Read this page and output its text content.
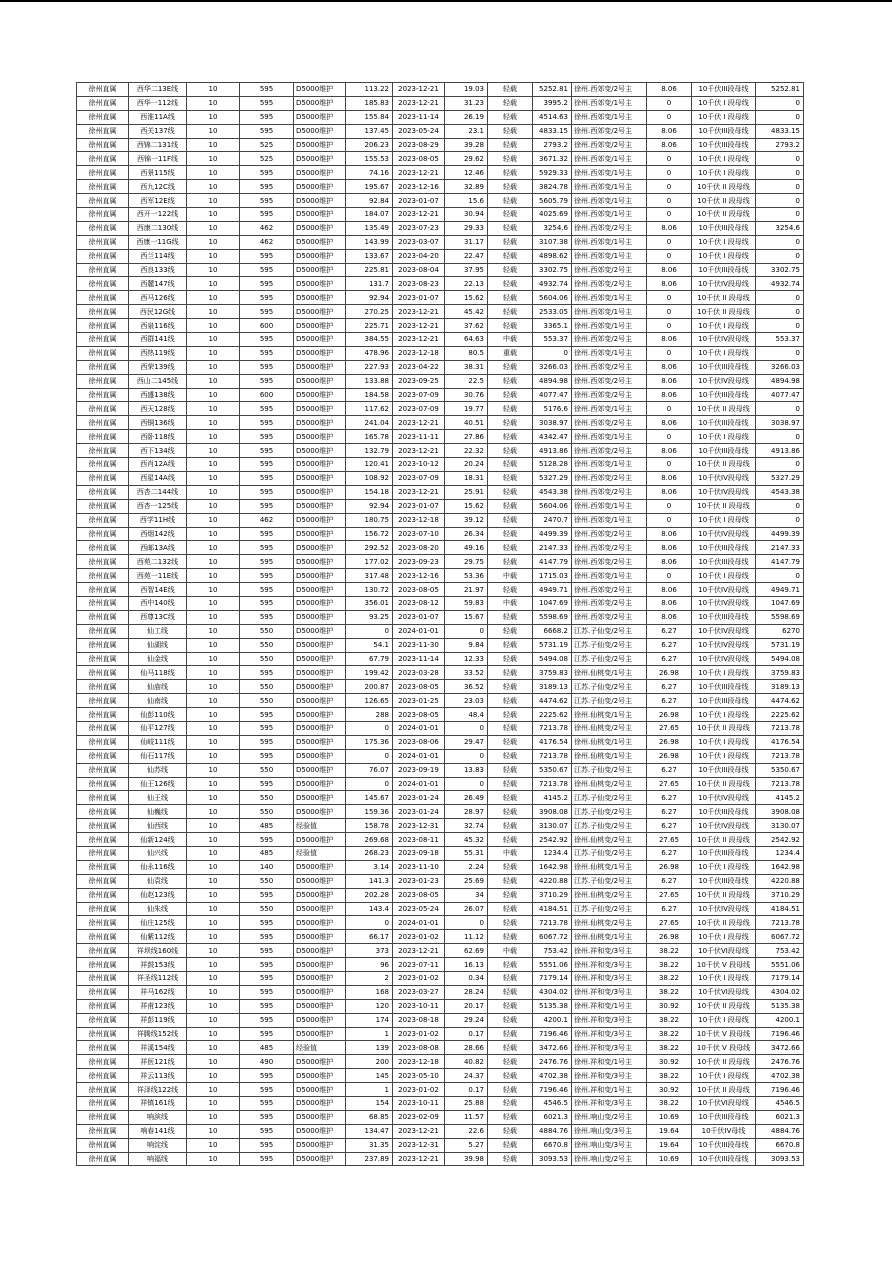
徐州直属	西华二13E线	10	595	D5000维护	113.22	2023-12-21	19.03	轻载	5252.81	徐州.西郊变/2号主	8.06	10千伏III段母线	5252.81
徐州直属	西华一112线	10	595	D5000维护	185.83	2023-12-21	31.23	轻载	3995.2	徐州.西郊变/1号主	0	10千伏 I 段母线	0
徐州直属	西淮11A线	10	595	D5000维护	155.84	2023-11-14	26.19	轻载	4514.63	徐州.西郊变/1号主	0	10千伏 I 段母线	0
徐州直属	西关137线	10	595	D5000维护	137.45	2023-05-24	23.1	轻载	4833.15	徐州.西郊变/2号主	8.06	10千伏III段母线	4833.15
徐州直属	西锦二131线	10	525	D5000维护	206.23	2023-08-29	39.28	轻载	2793.2	徐州.西郊变/2号主	8.06	10千伏III段母线	2793.2
徐州直属	西锦一11F线	10	525	D5000维护	155.53	2023-08-05	29.62	轻载	3671.32	徐州.西郊变/1号主	0	10千伏 I 段母线	0
徐州直属	西景115线	10	595	D5000维护	74.16	2023-12-21	12.46	轻载	5929.33	徐州.西郊变/1号主	0	10千伏 I 段母线	0
徐州直属	西九12C线	10	595	D5000维护	195.67	2023-12-16	32.89	轻载	3824.78	徐州.西郊变/1号主	0	10千伏 II 段母线	0
徐州直属	西军12E线	10	595	D5000维护	92.84	2023-01-07	15.6	轻载	5605.79	徐州.西郊变/1号主	0	10千伏 II 段母线	0
徐州直属	西开一122线	10	595	D5000维护	184.07	2023-12-21	30.94	轻载	4025.69	徐州.西郊变/1号主	0	10千伏 II 段母线	0
徐州直属	西康二130线	10	462	D5000维护	135.49	2023-07-23	29.33	轻载	3254.6	徐州.西郊变/2号主	8.06	10千伏III段母线	3254.6
徐州直属	西康一11G线	10	462	D5000维护	143.99	2023-03-07	31.17	轻载	3107.38	徐州.西郊变/1号主	0	10千伏 I 段母线	0
徐州直属	西兰114线	10	595	D5000维护	133.67	2023-04-20	22.47	轻载	4898.62	徐州.西郊变/1号主	0	10千伏 I 段母线	0
徐州直属	西良133线	10	595	D5000维护	225.81	2023-08-04	37.95	轻载	3302.75	徐州.西郊变/2号主	8.06	10千伏III段母线	3302.75
徐州直属	西麓147线	10	595	D5000维护	131.7	2023-08-23	22.13	轻载	4932.74	徐州.西郊变/2号主	8.06	10千伏IV段母线	4932.74
徐州直属	西马126线	10	595	D5000维护	92.94	2023-01-07	15.62	轻载	5604.06	徐州.西郊变/1号主	0	10千伏 II 段母线	0
徐州直属	西民12G线	10	595	D5000维护	270.25	2023-12-21	45.42	轻载	2533.05	徐州.西郊变/1号主	0	10千伏 II 段母线	0
徐州直属	西泉116线	10	600	D5000维护	225.71	2023-12-21	37.62	轻载	3365.1	徐州.西郊变/1号主	0	10千伏 I 段母线	0
徐州直属	西群141线	10	595	D5000维护	384.55	2023-12-21	64.63	中载	553.37	徐州.西郊变/2号主	8.06	10千伏IV段母线	553.37
徐州直属	西热119线	10	595	D5000维护	478.96	2023-12-18	80.5	重载	0	徐州.西郊变/1号主	0	10千伏 I 段母线	0
徐州直属	西荣139线	10	595	D5000维护	227.93	2023-04-22	38.31	轻载	3266.03	徐州.西郊变/2号主	8.06	10千伏III段母线	3266.03
徐州直属	西山二145线	10	595	D5000维护	133.88	2023-09-25	22.5	轻载	4894.98	徐州.西郊变/2号主	8.06	10千伏IV段母线	4894.98
徐州直属	西盛138线	10	600	D5000维护	184.58	2023-07-09	30.76	轻载	4077.47	徐州.西郊变/2号主	8.06	10千伏III段母线	4077.47
徐州直属	西天128线	10	595	D5000维护	117.62	2023-07-09	19.77	轻载	5176.6	徐州.西郊变/1号主	0	10千伏 II 段母线	0
徐州直属	西铜136线	10	595	D5000维护	241.04	2023-12-21	40.51	轻载	3038.97	徐州.西郊变/2号主	8.06	10千伏III段母线	3038.97
徐州直属	西卧118线	10	595	D5000维护	165.78	2023-11-11	27.86	轻载	4342.47	徐州.西郊变/1号主	0	10千伏 I 段母线	0
徐州直属	西下134线	10	595	D5000维护	132.79	2023-12-21	22.32	轻载	4913.86	徐州.西郊变/2号主	8.06	10千伏III段母线	4913.86
徐州直属	西肖12A线	10	595	D5000维护	120.41	2023-10-12	20.24	轻载	5128.28	徐州.西郊变/1号主	0	10千伏 II 段母线	0
徐州直属	西星14A线	10	595	D5000维护	108.92	2023-07-09	18.31	轻载	5327.29	徐州.西郊变/2号主	8.06	10千伏IV段母线	5327.29
徐州直属	西杏二144线	10	595	D5000维护	154.18	2023-12-21	25.91	轻载	4543.38	徐州.西郊变/2号主	8.06	10千伏IV段母线	4543.38
徐州直属	西杏一125线	10	595	D5000维护	92.94	2023-01-07	15.62	轻载	5604.06	徐州.西郊变/1号主	0	10千伏 II 段母线	0
徐州直属	西学11H线	10	462	D5000维护	180.75	2023-12-18	39.12	轻载	2470.7	徐州.西郊变/1号主	0	10千伏 I 段母线	0
徐州直属	西烟142线	10	595	D5000维护	156.72	2023-07-10	26.34	轻载	4499.39	徐州.西郊变/2号主	8.06	10千伏IV段母线	4499.39
徐州直属	西邮13A线	10	595	D5000维护	292.52	2023-08-20	49.16	轻载	2147.33	徐州.西郊变/2号主	8.06	10千伏III段母线	2147.33
徐州直属	西苑二132线	10	595	D5000维护	177.02	2023-09-23	29.75	轻载	4147.79	徐州.西郊变/2号主	8.06	10千伏III段母线	4147.79
徐州直属	西苑一11E线	10	595	D5000维护	317.48	2023-12-16	53.36	中载	1715.03	徐州.西郊变/1号主	0	10千伏 I 段母线	0
徐州直属	西智14E线	10	595	D5000维护	130.72	2023-08-05	21.97	轻载	4949.71	徐州.西郊变/2号主	8.06	10千伏IV段母线	4949.71
徐州直属	西中140线	10	595	D5000维护	356.01	2023-08-12	59.83	中载	1047.69	徐州.西郊变/2号主	8.06	10千伏IV段母线	1047.69
徐州直属	西尊13C线	10	595	D5000维护	93.25	2023-01-07	15.67	轻载	5598.69	徐州.西郊变/2号主	8.06	10千伏III段母线	5598.69
徐州直属	仙工线	10	550	D5000维护	0	2024-01-01	0	轻载	6668.2	江苏.子仙变/2号主	6.27	10千伏IV段母线	6270
徐州直属	仙湖线	10	550	D5000维护	54.1	2023-11-30	9.84	轻载	5731.19	江苏.子仙变/2号主	6.27	10千伏IV段母线	5731.19
徐州直属	仙金线	10	550	D5000维护	67.79	2023-11-14	12.33	轻载	5494.08	江苏.子仙变/2号主	6.27	10千伏IV段母线	5494.08
徐州直属	仙马118线	10	595	D5000维护	199.42	2023-03-28	33.52	轻载	3759.83	徐州.仙桃变/1号主	26.98	10千伏 I 段母线	3759.83
徐州直属	仙庙线	10	550	D5000维护	200.87	2023-08-05	36.52	轻载	3189.13	江苏.子仙变/2号主	6.27	10千伏III段母线	3189.13
徐州直属	仙南线	10	550	D5000维护	126.65	2023-01-25	23.03	轻载	4474.62	江苏.子仙变/2号主	6.27	10千伏III段母线	4474.62
徐州直属	仙彭110线	10	595	D5000维护	288	2023-08-05	48.4	轻载	2225.62	徐州.仙桃变/1号主	26.98	10千伏 I 段母线	2225.62
徐州直属	仙平127线	10	595	D5000维护	0	2024-01-01	0	轻载	7213.78	徐州.仙桃变/2号主	27.65	10千伏 II 段母线	7213.78
徐州直属	仙岐111线	10	595	D5000维护	175.36	2023-08-06	29.47	轻载	4176.54	徐州.仙桃变/1号主	26.98	10千伏 I 段母线	4176.54
徐州直属	仙石117线	10	595	D5000维护	0	2024-01-01	0	轻载	7213.78	徐州.仙桃变/1号主	26.98	10千伏 I 段母线	7213.78
徐州直属	仙苏线	10	550	D5000维护	76.07	2023-09-19	13.83	轻载	5350.67	江苏.子仙变/2号主	6.27	10千伏III段母线	5350.67
徐州直属	仙王126线	10	595	D5000维护	0	2024-01-01	0	轻载	7213.78	徐州.仙桃变/2号主	27.65	10千伏 II 段母线	7213.78
徐州直属	仙王线	10	550	D5000维护	145.67	2023-01-24	26.49	轻载	4145.2	江苏.子仙变/2号主	6.27	10千伏IV段母线	4145.2
徐州直属	仙巍线	10	550	D5000维护	159.36	2023-01-24	28.97	轻载	3908.08	江苏.子仙变/2号主	6.27	10千伏III段母线	3908.08
徐州直属	仙西线	10	485	经验值	158.78	2023-12-31	32.74	轻载	3130.07	江苏.子仙变/2号主	6.27	10千伏IV段母线	3130.07
徐州直属	仙新124线	10	595	D5000维护	269.68	2023-08-11	45.32	轻载	2542.92	徐州.仙桃变/2号主	27.65	10千伏 II 段母线	2542.92
徐州直属	仙兴线	10	485	经验值	268.23	2023-09-18	55.31	中载	1234.4	江苏.子仙变/2号主	6.27	10千伏III段母线	1234.4
徐州直属	仙永116线	10	140	D5000维护	3.14	2023-11-10	2.24	轻载	1642.98	徐州.仙桃变/1号主	26.98	10千伏 I 段母线	1642.98
徐州直属	仙袁线	10	550	D5000维护	141.3	2023-01-23	25.69	轻载	4220.88	江苏.子仙变/2号主	6.27	10千伏III段母线	4220.88
徐州直属	仙赵123线	10	595	D5000维护	202.28	2023-08-05	34	轻载	3710.29	徐州.仙桃变/2号主	27.65	10千伏 II 段母线	3710.29
徐州直属	仙朱线	10	550	D5000维护	143.4	2023-05-24	26.07	轻载	4184.51	江苏.子仙变/2号主	6.27	10千伏IV段母线	4184.51
徐州直属	仙庄125线	10	595	D5000维护	0	2024-01-01	0	轻载	7213.78	徐州.仙桃变/2号主	27.65	10千伏 II 段母线	7213.78
徐州直属	仙紫112线	10	595	D5000维护	66.17	2023-01-02	11.12	轻载	6067.72	徐州.仙桃变/1号主	26.98	10千伏 I 段母线	6067.72
徐州直属	祥坝线160线	10	595	D5000维护	373	2023-12-21	62.69	中载	753.42	徐州.祥和变/3号主	38.22	10千伏VI段母线	753.42
徐州直属	祥鼓153线	10	595	D5000维护	96	2023-07-11	16.13	轻载	5551.06	徐州.祥和变/3号主	38.22	10千伏 V 段母线	5551.06
徐州直属	祥圣线112线	10	595	D5000维护	2	2023-01-02	0.34	轻载	7179.14	徐州.祥和变/3号主	38.22	10千伏 I 段母线	7179.14
徐州直属	祥马162线	10	595	D5000维护	168	2023-03-27	28.24	轻载	4304.02	徐州.祥和变/3号主	38.22	10千伏VI段母线	4304.02
徐州直属	祥甫123线	10	595	D5000维护	120	2023-10-11	20.17	轻载	5135.38	徐州.祥和变/1号主	30.92	10千伏 II 段母线	5135.38
徐州直属	祥彭119线	10	595	D5000维护	174	2023-08-18	29.24	轻载	4200.1	徐州.祥和变/3号主	38.22	10千伏 I 段母线	4200.1
徐州直属	祥腾线152线	10	595	D5000维护	1	2023-01-02	0.17	轻载	7196.46	徐州.祥和变/3号主	38.22	10千伏 V 段母线	7196.46
徐州直属	祥溪154线	10	485	经验值	139	2023-08-08	28.66	轻载	3472.66	徐州.祥和变/3号主	38.22	10千伏 V 段母线	3472.66
徐州直属	祥医121线	10	490	D5000维护	200	2023-12-18	40.82	轻载	2476.76	徐州.祥和变/1号主	30.92	10千伏 II 段母线	2476.76
徐州直属	祥云113线	10	595	D5000维护	145	2023-05-10	24.37	轻载	4702.38	徐州.祥和变/3号主	38.22	10千伏 I 段母线	4702.38
徐州直属	祥泽线122线	10	595	D5000维护	1	2023-01-02	0.17	轻载	7196.46	徐州.祥和变/1号主	30.92	10千伏 II 段母线	7196.46
徐州直属	祥镇161线	10	595	D5000维护	154	2023-10-11	25.88	轻载	4546.5	徐州.祥和变/3号主	38.22	10千伏VI段母线	4546.5
徐州直属	响滨线	10	595	D5000维护	68.85	2023-02-09	11.57	轻载	6021.3	徐州.响山变/2号主	10.69	10千伏III段母线	6021.3
徐州直属	响春141线	10	595	D5000维护	134.47	2023-12-21	22.6	轻载	4884.76	徐州.响山变/3号主	19.64	10千伏IV母线	4884.76
徐州直属	响淀线	10	595	D5000维护	31.35	2023-12-31	5.27	轻载	6670.8	徐州.响山变/3号主	19.64	10千伏III段母线	6670.8
徐州直属	响福线	10	595	D5000维护	237.89	2023-12-21	39.98	轻载	3093.53	徐州.响山变/2号主	10.69	10千伏III段母线	3093.53
